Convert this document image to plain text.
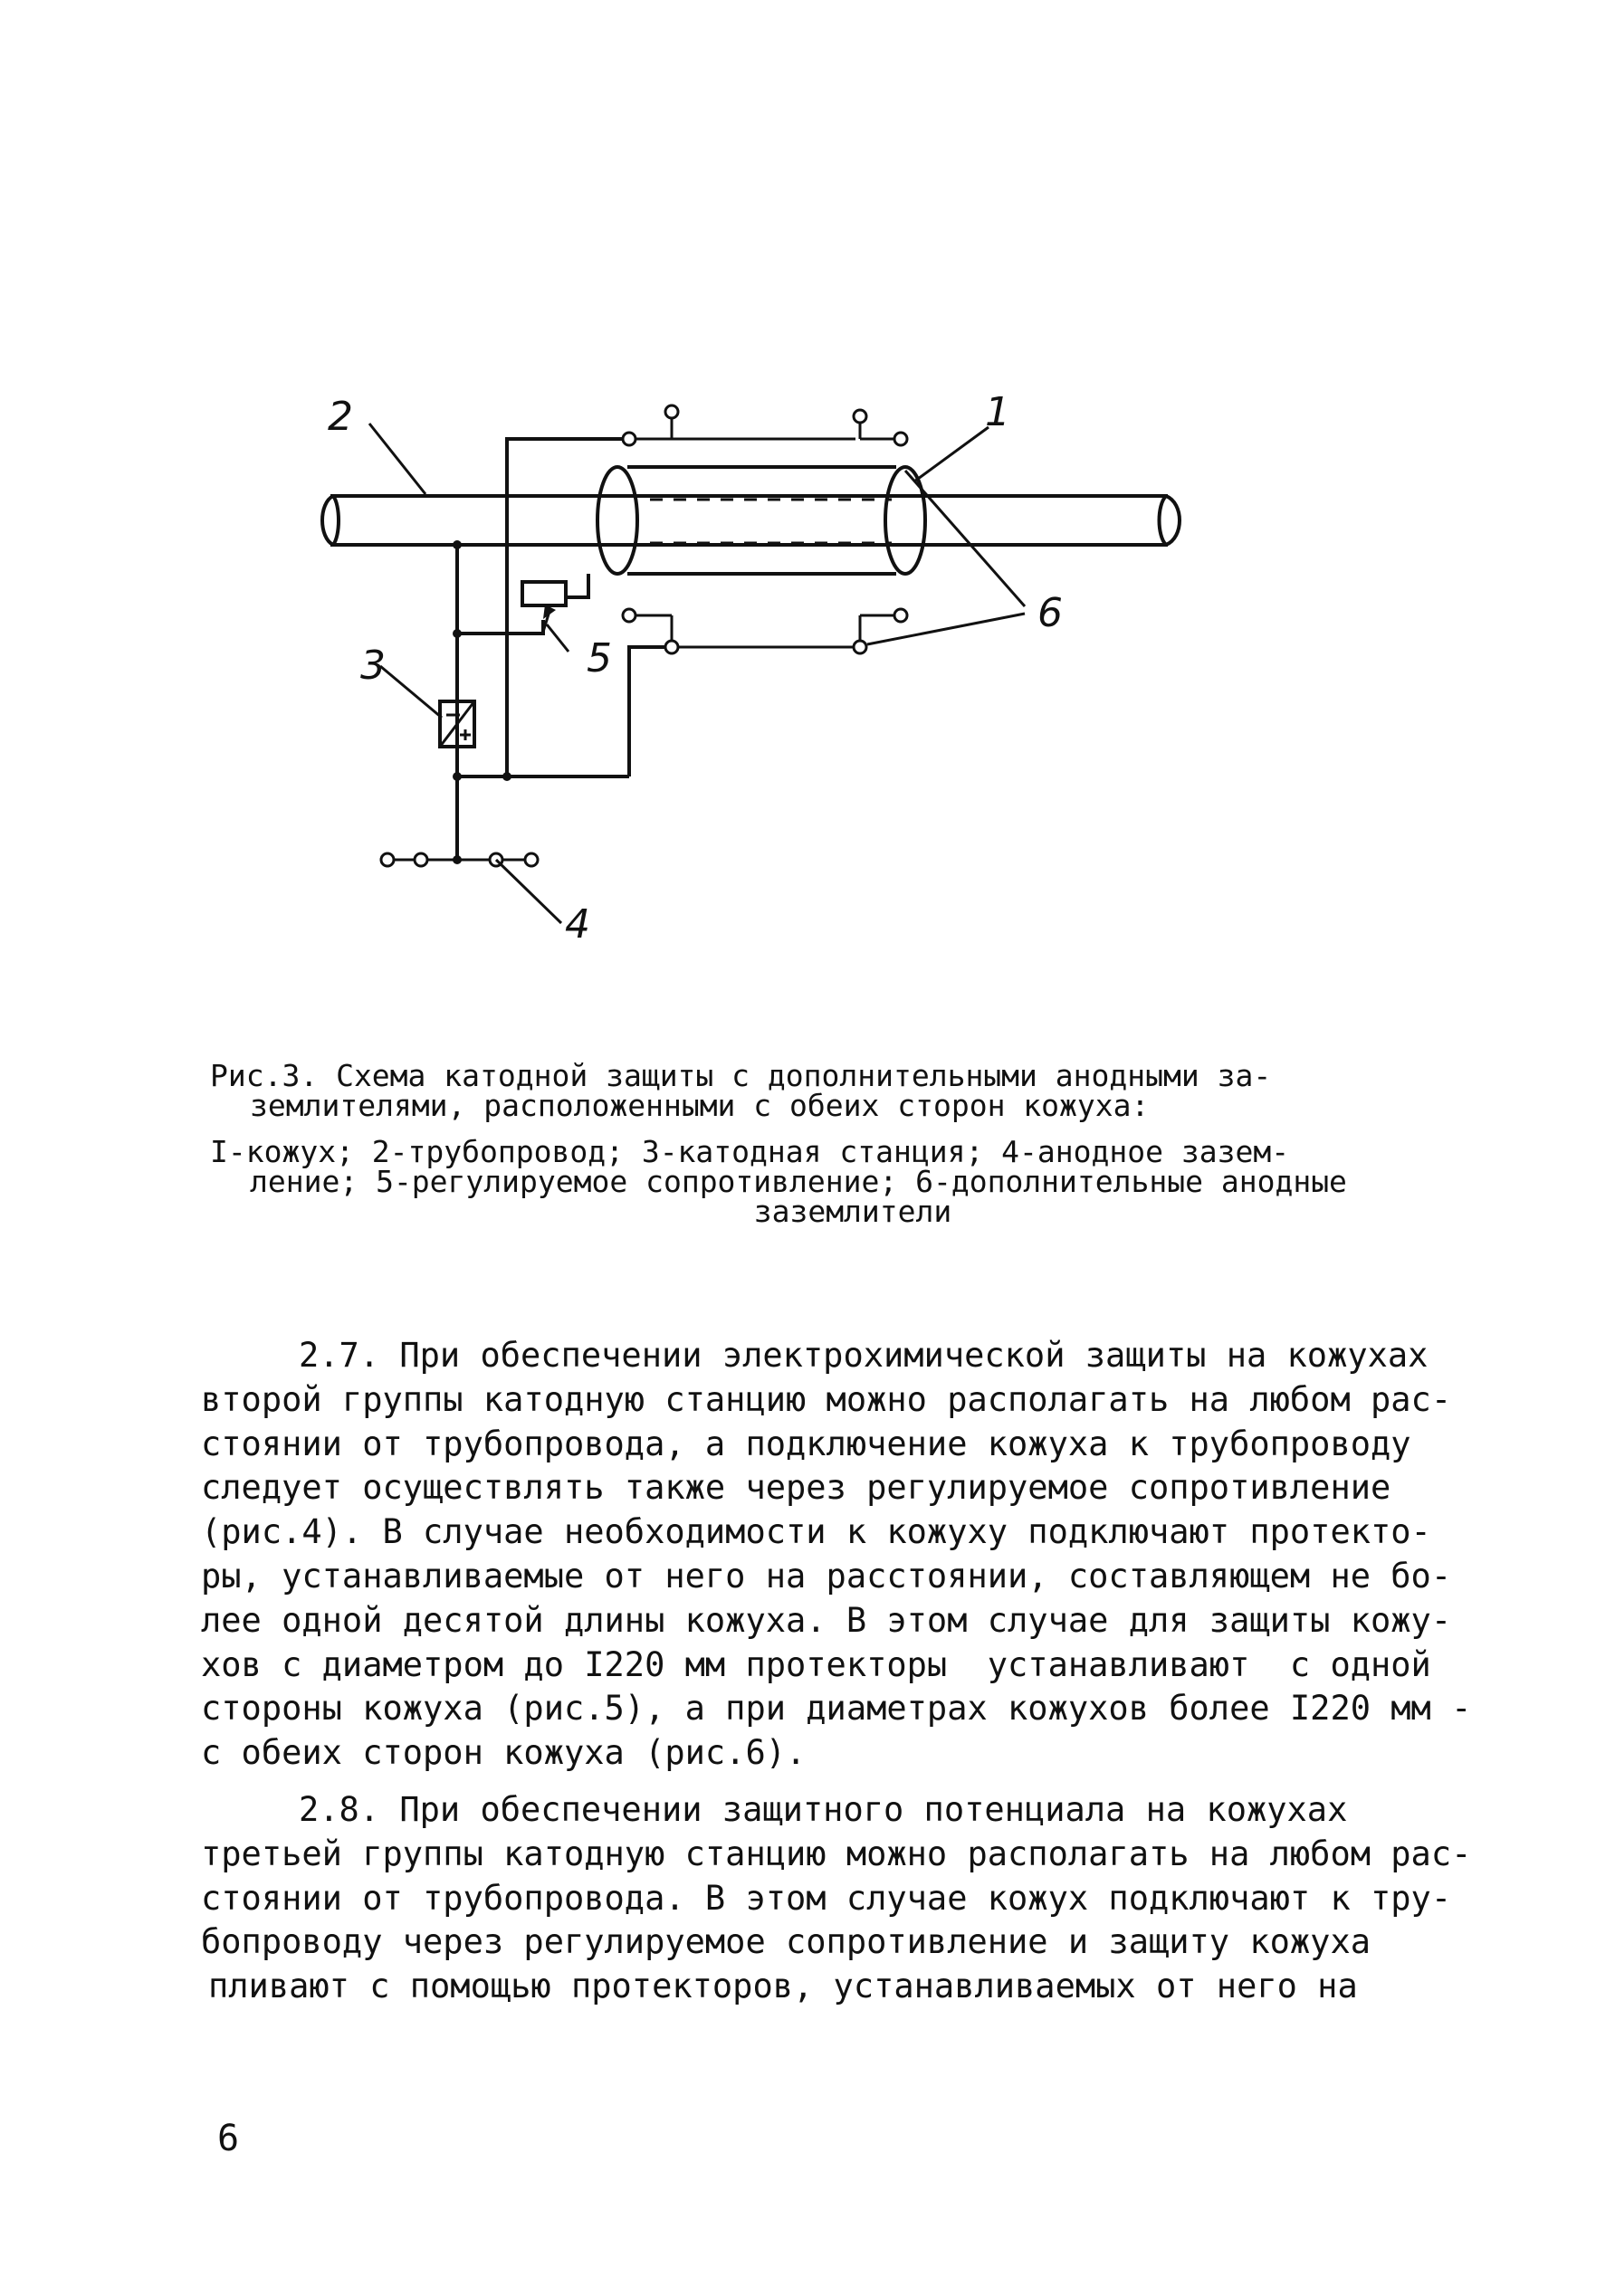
2	1
3
4
5
6
Рис.3. Схема катодной защиты с дополнительными анодными за-
землителями, расположенными с обеих сторон кожуха:
I-кожух; 2-трубопровод; 3-катодная станция; 4-анодное зазем-
ление; 5-регулируемое сопротивление; 6-дополнительные анодные
заземлители
2.7. При обеспечении электрохимической защиты на кожухах
второй группы катодную станцию можно располагать на любом рас-
стоянии от трубопровода, а подключение кожуха к трубопроводу
следует осуществлять также через регулируемое сопротивление
(рис.4). В случае необходимости к кожуху подключают протекто-
ры, устанавливаемые от него на расстоянии, составляющем не бо-
лее одной десятой длины кожуха. В этом случае для защиты кожу-
хов с диаметром до I220 мм протекторы  устанавливают  с одной
стороны кожуха (рис.5), а при диаметрах кожухов более I220 мм -
с обеих сторон кожуха (рис.6).
2.8. При обеспечении защитного потенциала на кожухах
третьей группы катодную станцию можно располагать на любом рас-
стоянии от трубопровода. В этом случае кожух подключают к тру-
бопроводу через регулируемое сопротивление и защиту кожуха
пливают с помощью протекторов, устанавливаемых от него на
6
